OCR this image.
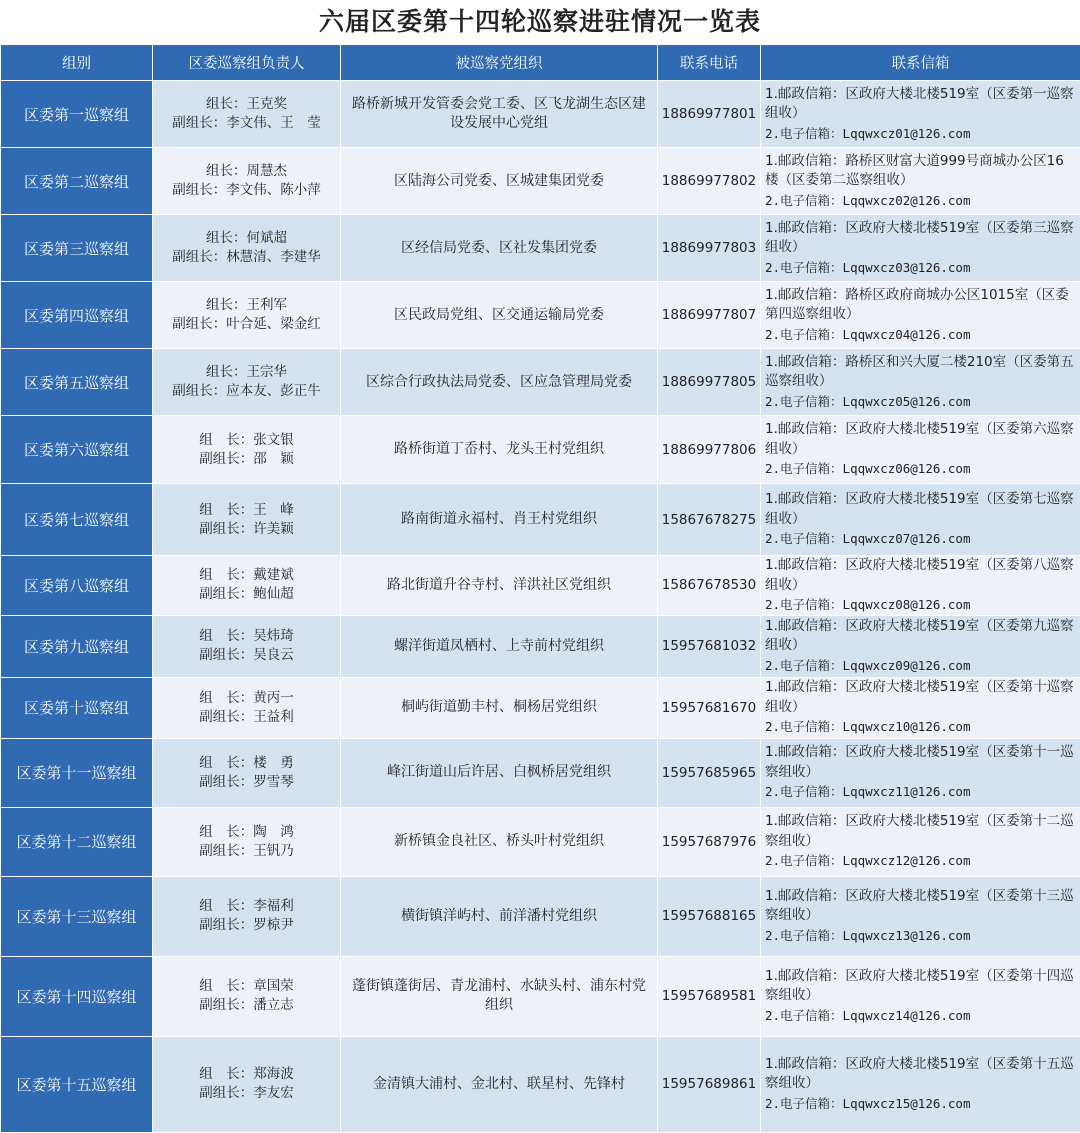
六届区委第十四轮巡察进驻情况一览表
组别	区委巡察组负责人	被巡察党组织	联系电话	联系信箱
区委第一巡察组	组长：王克奖
副组长：李文伟、王　莹	路桥新城开发管委会党工委、区飞龙湖生态区建设发展中心党组	18869977801	1.邮政信箱：区政府大楼北楼519室（区委第一巡察组收）
2.电子信箱：Lqqwxcz01@126.com

区委第二巡察组	组长：周慧杰
副组长：李文伟、陈小萍	区陆海公司党委、区城建集团党委	18869977802	1.邮政信箱：路桥区财富大道999号商城办公区16楼（区委第二巡察组收）
2.电子信箱：Lqqwxcz02@126.com

区委第三巡察组	组长：何斌超
副组长：林慧清、李建华	区经信局党委、区社发集团党委	18869977803	1.邮政信箱：区政府大楼北楼519室（区委第三巡察组收）
2.电子信箱：Lqqwxcz03@126.com

区委第四巡察组	组长：王利军
副组长：叶合延、梁金红	区民政局党组、区交通运输局党委	18869977807	1.邮政信箱：路桥区政府商城办公区1015室（区委第四巡察组收）
2.电子信箱：Lqqwxcz04@126.com

区委第五巡察组	组长：王宗华
副组长：应本友、彭正牛	区综合行政执法局党委、区应急管理局党委	18869977805	1.邮政信箱：路桥区和兴大厦二楼210室（区委第五巡察组收）
2.电子信箱：Lqqwxcz05@126.com

区委第六巡察组	组　长：张文银
副组长：邵　颖	路桥街道丁岙村、龙头王村党组织	18869977806	1.邮政信箱：区政府大楼北楼519室（区委第六巡察组收）
2.电子信箱：Lqqwxcz06@126.com

区委第七巡察组	组　长：王　峰
副组长：许美颖	路南街道永福村、肖王村党组织	15867678275	1.邮政信箱：区政府大楼北楼519室（区委第七巡察组收）
2.电子信箱：Lqqwxcz07@126.com

区委第八巡察组	组　长：戴建斌
副组长：鲍仙超	路北街道升谷寺村、洋洪社区党组织	15867678530	1.邮政信箱：区政府大楼北楼519室（区委第八巡察组收）
2.电子信箱：Lqqwxcz08@126.com

区委第九巡察组	组　长：吴炜琦
副组长：吴良云	螺洋街道凤栖村、上寺前村党组织	15957681032	1.邮政信箱：区政府大楼北楼519室（区委第九巡察组收）
2.电子信箱：Lqqwxcz09@126.com

区委第十巡察组	组　长：黄丙一
副组长：王益利	桐屿街道勤丰村、桐杨居党组织	15957681670	1.邮政信箱：区政府大楼北楼519室（区委第十巡察组收）
2.电子信箱：Lqqwxcz10@126.com

区委第十一巡察组	组　长：楼　勇
副组长：罗雪琴	峰江街道山后许居、白枫桥居党组织	15957685965	1.邮政信箱：区政府大楼北楼519室（区委第十一巡察组收）
2.电子信箱：Lqqwxcz11@126.com

区委第十二巡察组	组　长：陶　鸿
副组长：王钒乃	新桥镇金良社区、桥头叶村党组织	15957687976	1.邮政信箱：区政府大楼北楼519室（区委第十二巡察组收）
2.电子信箱：Lqqwxcz12@126.com

区委第十三巡察组	组　长：李福利
副组长：罗椋尹	横街镇洋屿村、前洋潘村党组织	15957688165	1.邮政信箱：区政府大楼北楼519室（区委第十三巡察组收）
2.电子信箱：Lqqwxcz13@126.com

区委第十四巡察组	组　长：章国荣
副组长：潘立志	蓬街镇蓬街居、青龙浦村、水缺头村、浦东村党组织	15957689581	1.邮政信箱：区政府大楼北楼519室（区委第十四巡察组收）
2.电子信箱：Lqqwxcz14@126.com

区委第十五巡察组	组　长：郑海波
副组长：李友宏	金清镇大浦村、金北村、联星村、先锋村	15957689861	1.邮政信箱：区政府大楼北楼519室（区委第十五巡察组收）
2.电子信箱：Lqqwxcz15@126.com
